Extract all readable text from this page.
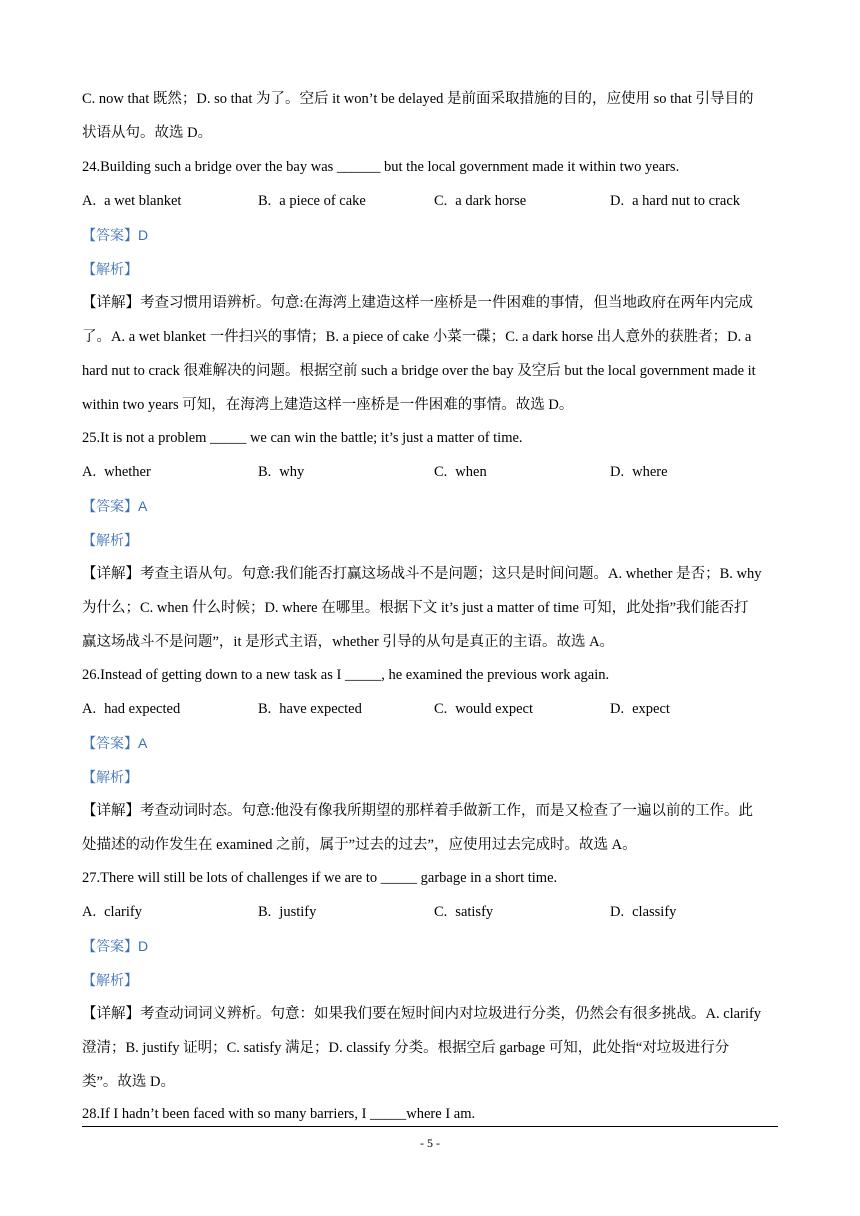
C. now that 既然；D. so that 为了。空后 it won’t be delayed 是前面采取措施的目的，应使用 so that 引导目的
状语从句。故选 D。
24.Building such a bridge over the bay was ______ but the local government made it within two years.
A. a wet blanket	B. a piece of cake	C. a dark horse	D. a hard nut to crack
【答案】D
【解析】
【详解】考查习惯用语辨析。句意:在海湾上建造这样一座桥是一件困难的事情，但当地政府在两年内完成
了。A. a wet blanket 一件扫兴的事情；B. a piece of cake 小菜一碟；C. a dark horse 出人意外的获胜者；D. a
hard nut to crack 很难解决的问题。根据空前 such a bridge over the bay 及空后 but the local government made it
within two years 可知，在海湾上建造这样一座桥是一件困难的事情。故选 D。
25.It is not a problem _____ we can win the battle; it’s just a matter of time.
A. whether	B. why	C. when	D. where
【答案】A
【解析】
【详解】考查主语从句。句意:我们能否打赢这场战斗不是问题；这只是时间问题。A. whether 是否；B. why
为什么；C. when 什么时候；D. where 在哪里。根据下文 it’s just a matter of time 可知，此处指”我们能否打
赢这场战斗不是问题”，it 是形式主语，whether 引导的从句是真正的主语。故选 A。
26.Instead of getting down to a new task as I _____, he examined the previous work again.
A. had expected	B. have expected	C. would expect	D. expect
【答案】A
【解析】
【详解】考查动词时态。句意:他没有像我所期望的那样着手做新工作，而是又检查了一遍以前的工作。此
处描述的动作发生在 examined 之前，属于”过去的过去”，应使用过去完成时。故选 A。
27.There will still be lots of challenges if we are to _____ garbage in a short time.
A. clarify	B. justify	C. satisfy	D. classify
【答案】D
【解析】
【详解】考查动词词义辨析。句意：如果我们要在短时间内对垃圾进行分类，仍然会有很多挑战。A. clarify
澄清；B. justify 证明；C. satisfy 满足；D. classify 分类。根据空后 garbage 可知，此处指“对垃圾进行分
类”。故选 D。
28.If I hadn’t been faced with so many barriers, I _____where I am.
- 5 -
